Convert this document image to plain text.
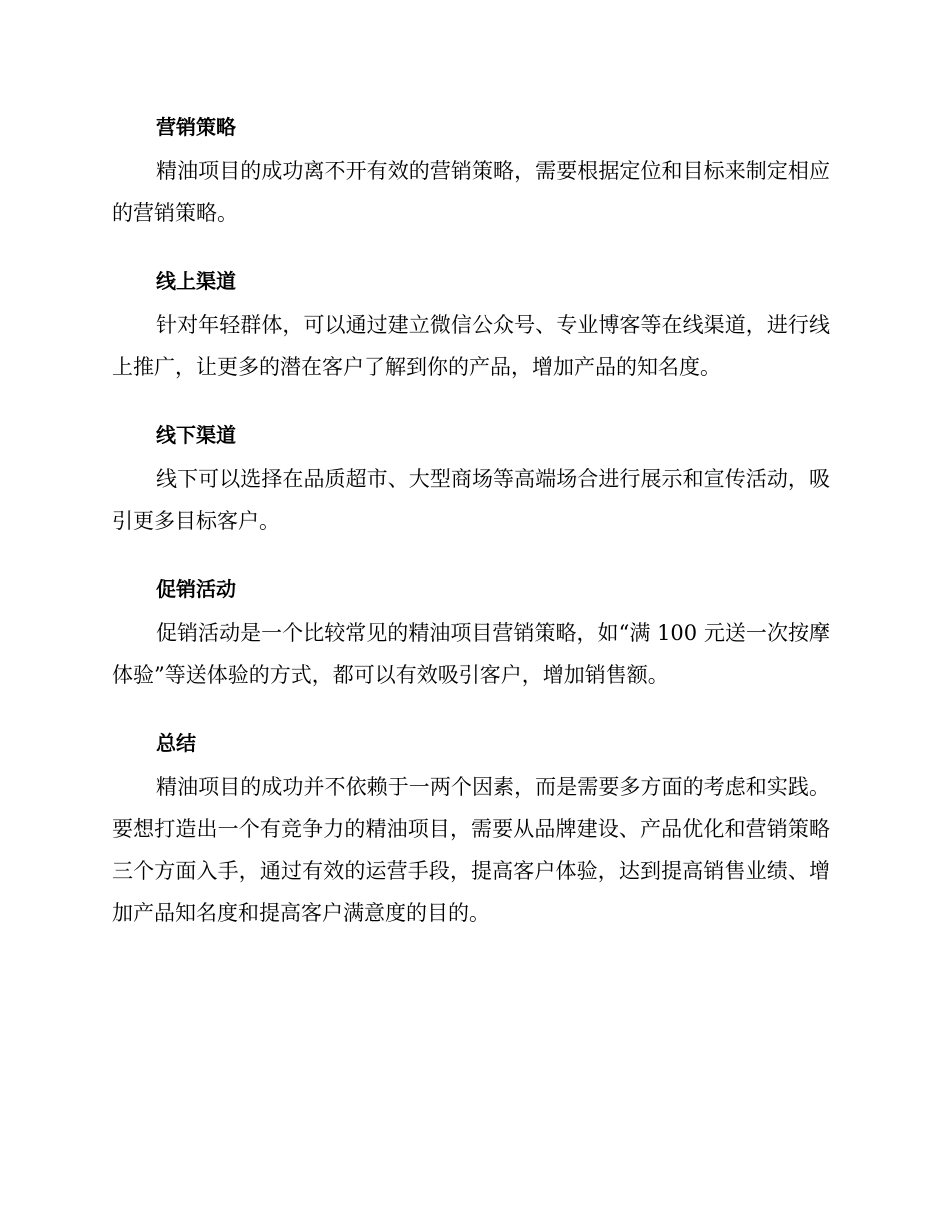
营销策略

精油项目的成功离不开有效的营销策略，需要根据定位和目标来制定相应的营销策略。

线上渠道

针对年轻群体，可以通过建立微信公众号、专业博客等在线渠道，进行线上推广，让更多的潜在客户了解到你的产品，增加产品的知名度。

线下渠道

线下可以选择在品质超市、大型商场等高端场合进行展示和宣传活动，吸引更多目标客户。

促销活动

促销活动是一个比较常见的精油项目营销策略，如“满 100 元送一次按摩体验”等送体验的方式，都可以有效吸引客户，增加销售额。

总结

精油项目的成功并不依赖于一两个因素，而是需要多方面的考虑和实践。要想打造出一个有竞争力的精油项目，需要从品牌建设、产品优化和营销策略三个方面入手，通过有效的运营手段，提高客户体验，达到提高销售业绩、增加产品知名度和提高客户满意度的目的。
